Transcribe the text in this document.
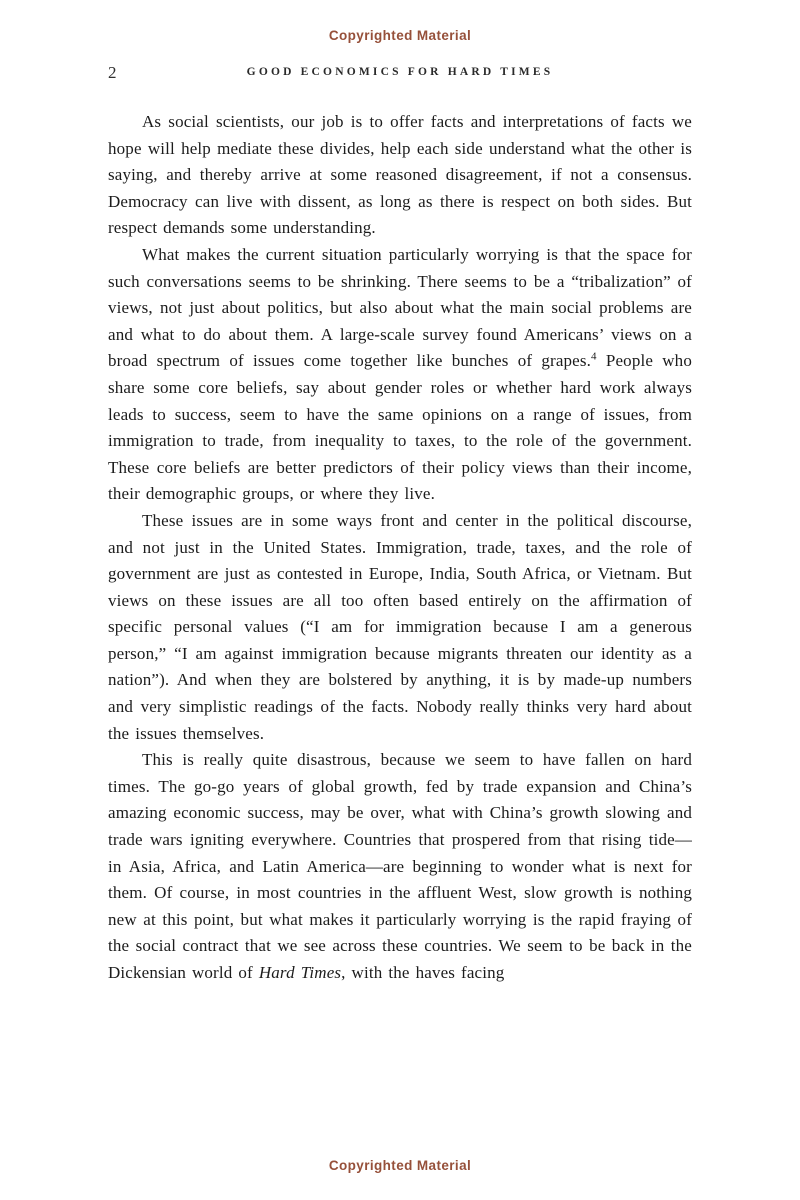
Copyrighted Material
2	GOOD ECONOMICS FOR HARD TIMES

As social scientists, our job is to offer facts and interpretations of facts we hope will help mediate these divides, help each side understand what the other is saying, and thereby arrive at some reasoned disagreement, if not a consensus. Democracy can live with dissent, as long as there is respect on both sides. But respect demands some understanding.

What makes the current situation particularly worrying is that the space for such conversations seems to be shrinking. There seems to be a “tribalization” of views, not just about politics, but also about what the main social problems are and what to do about them. A large-scale survey found Americans’ views on a broad spectrum of issues come together like bunches of grapes.$^4$ People who share some core beliefs, say about gender roles or whether hard work always leads to success, seem to have the same opinions on a range of issues, from immigration to trade, from inequality to taxes, to the role of the government. These core beliefs are better predictors of their policy views than their income, their demographic groups, or where they live.

These issues are in some ways front and center in the political discourse, and not just in the United States. Immigration, trade, taxes, and the role of government are just as contested in Europe, India, South Africa, or Vietnam. But views on these issues are all too often based entirely on the affirmation of specific personal values (“I am for immigration because I am a generous person,” “I am against immigration because migrants threaten our identity as a nation”). And when they are bolstered by anything, it is by made-up numbers and very simplistic readings of the facts. Nobody really thinks very hard about the issues themselves.

This is really quite disastrous, because we seem to have fallen on hard times. The go-go years of global growth, fed by trade expansion and China’s amazing economic success, may be over, what with China’s growth slowing and trade wars igniting everywhere. Countries that prospered from that rising tide—in Asia, Africa, and Latin America—are beginning to wonder what is next for them. Of course, in most countries in the affluent West, slow growth is nothing new at this point, but what makes it particularly worrying is the rapid fraying of the social contract that we see across these countries. We seem to be back in the Dickensian world of Hard Times, with the haves facing

Copyrighted Material
